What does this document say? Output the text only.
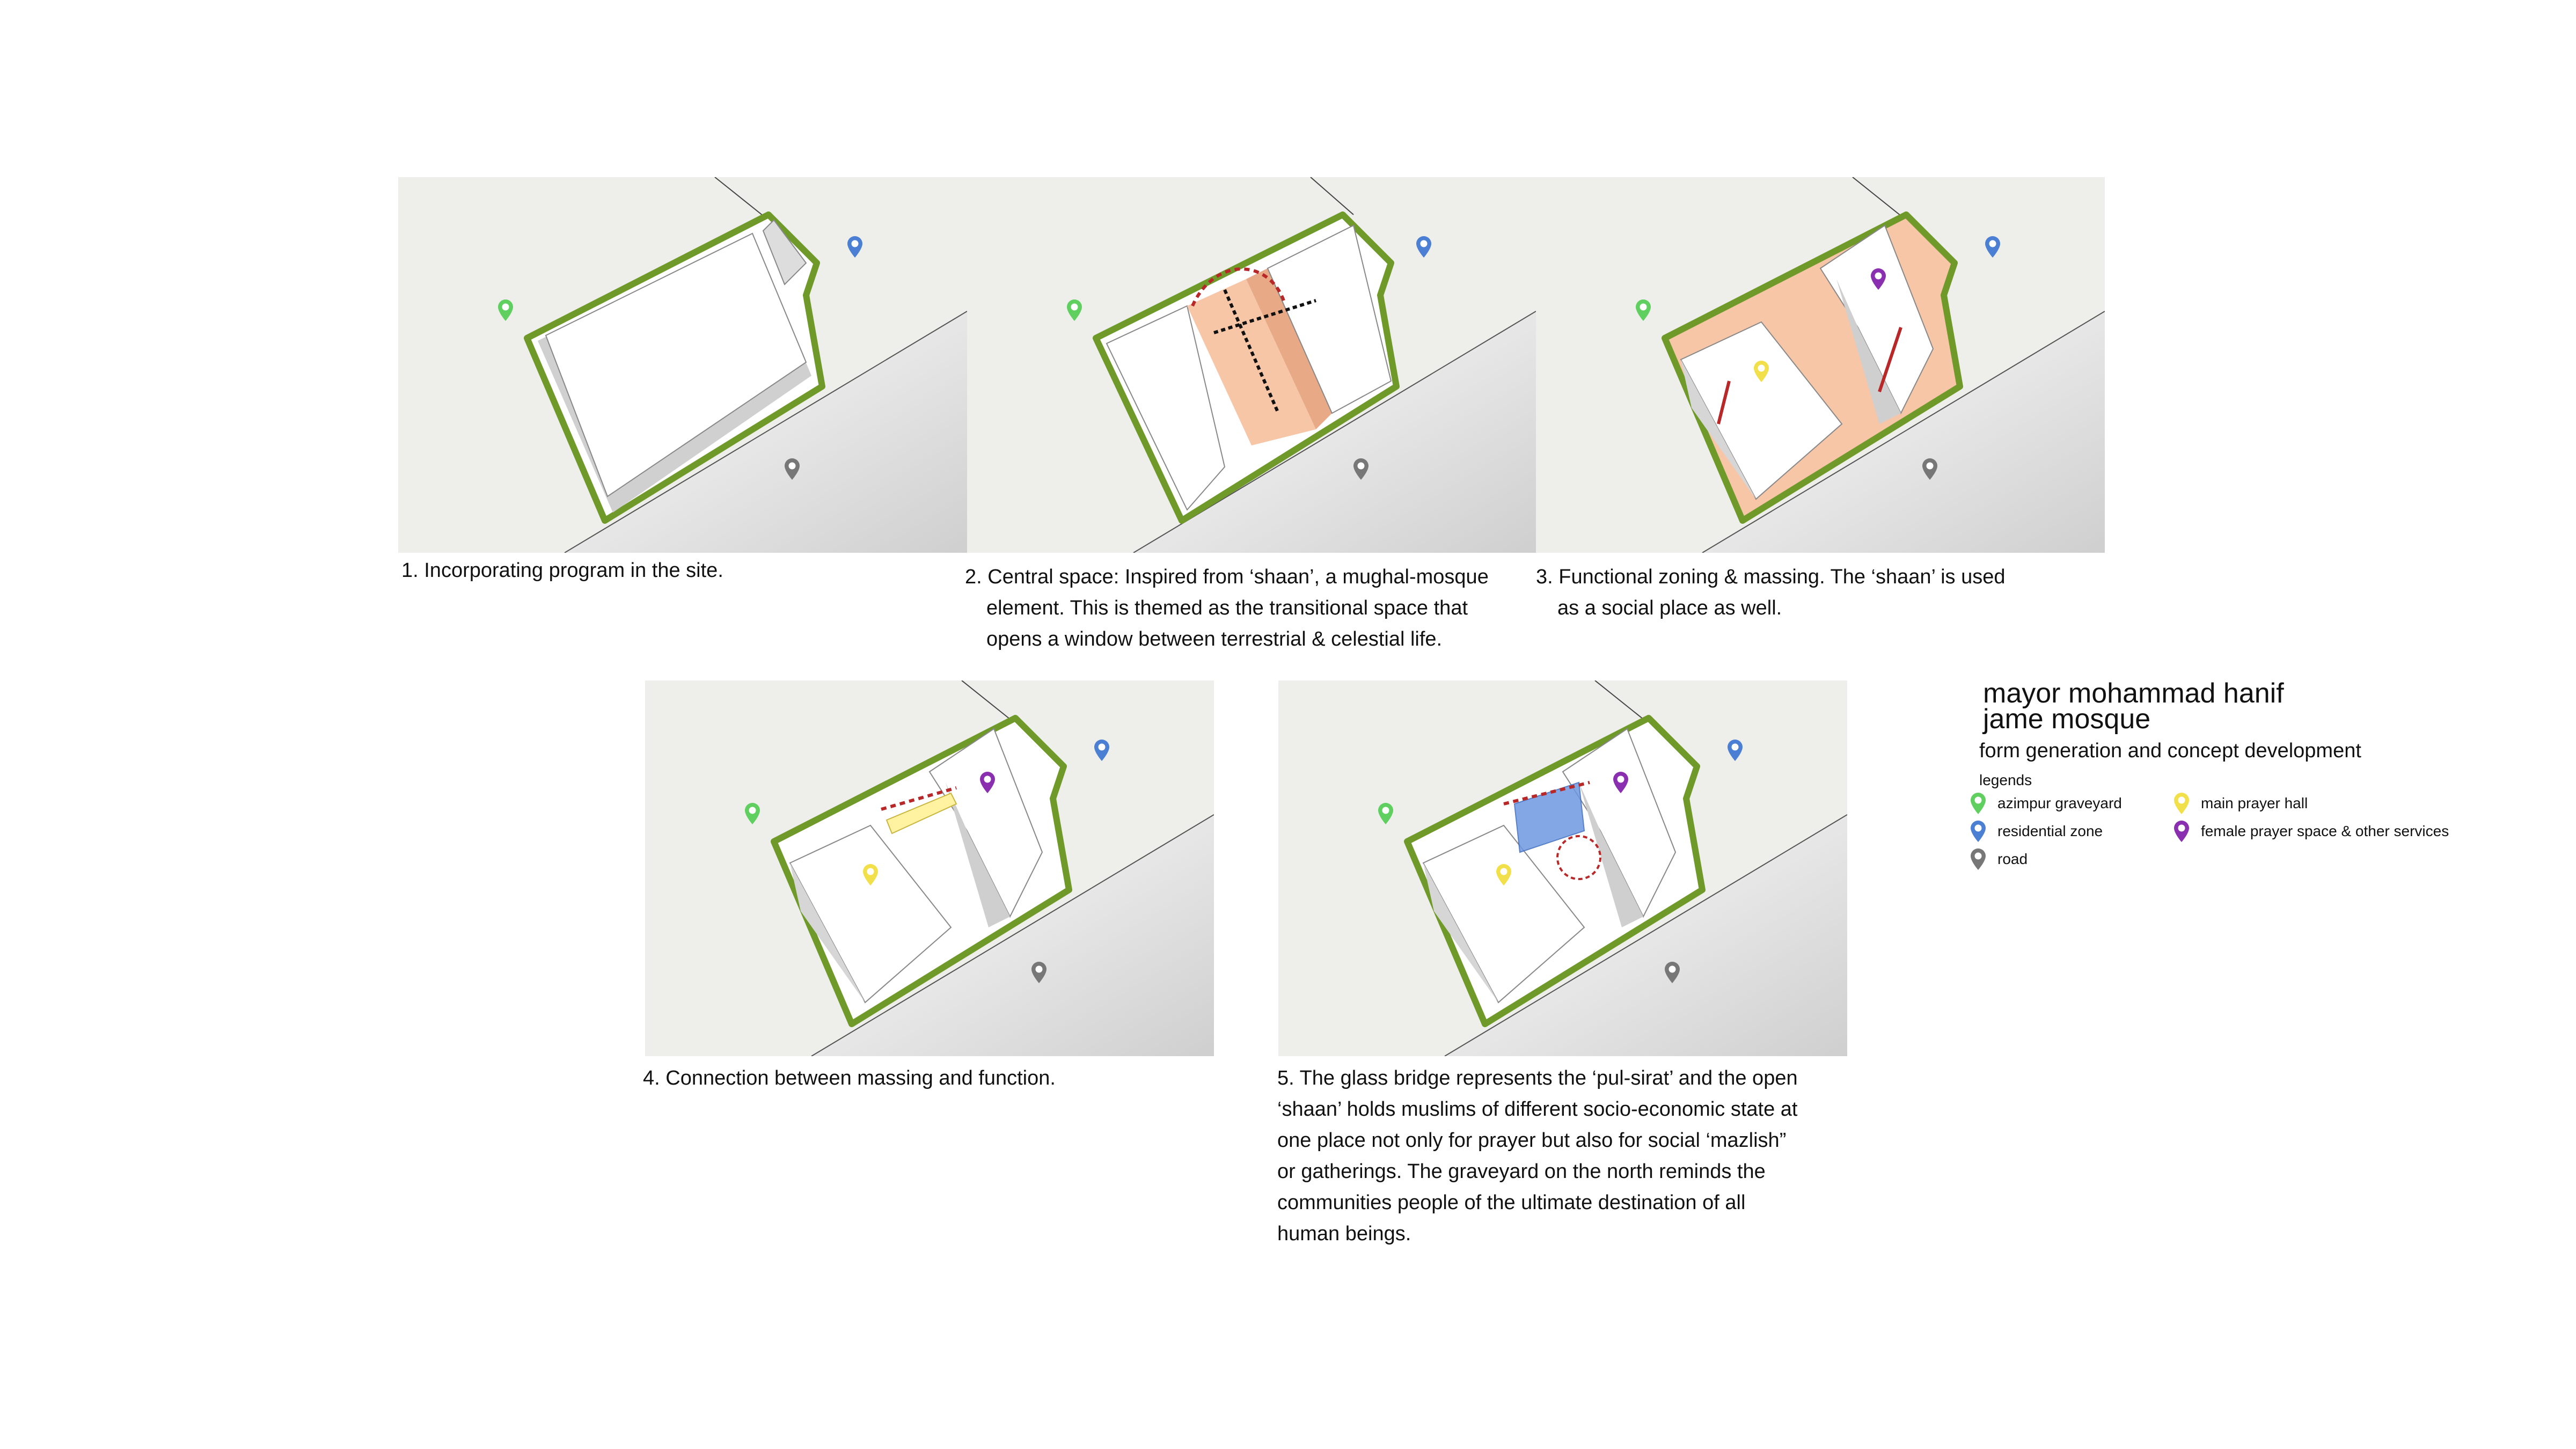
1. Incorporating program in the site.	2. Central space: Inspired from ‘shaan’, a mughal-mosque
element. This is themed as the transitional space that
opens a window between terrestrial & celestial life.
3. Functional zoning & massing. The ‘shaan’ is used
as a social place as well.
4. Connection between massing and function.	5. The glass bridge represents the ‘pul-sirat’ and the open
‘shaan’ holds muslims of different socio-economic state at
one place not only for prayer but also for social ‘mazlish”
or gatherings. The graveyard on the north reminds the
communities people of the ultimate destination of all
human beings.
mayor mohammad hanif
jame mosque
form generation and concept development
legends
azimpur graveyard
residential zone
road
main prayer hall
female prayer space & other services
